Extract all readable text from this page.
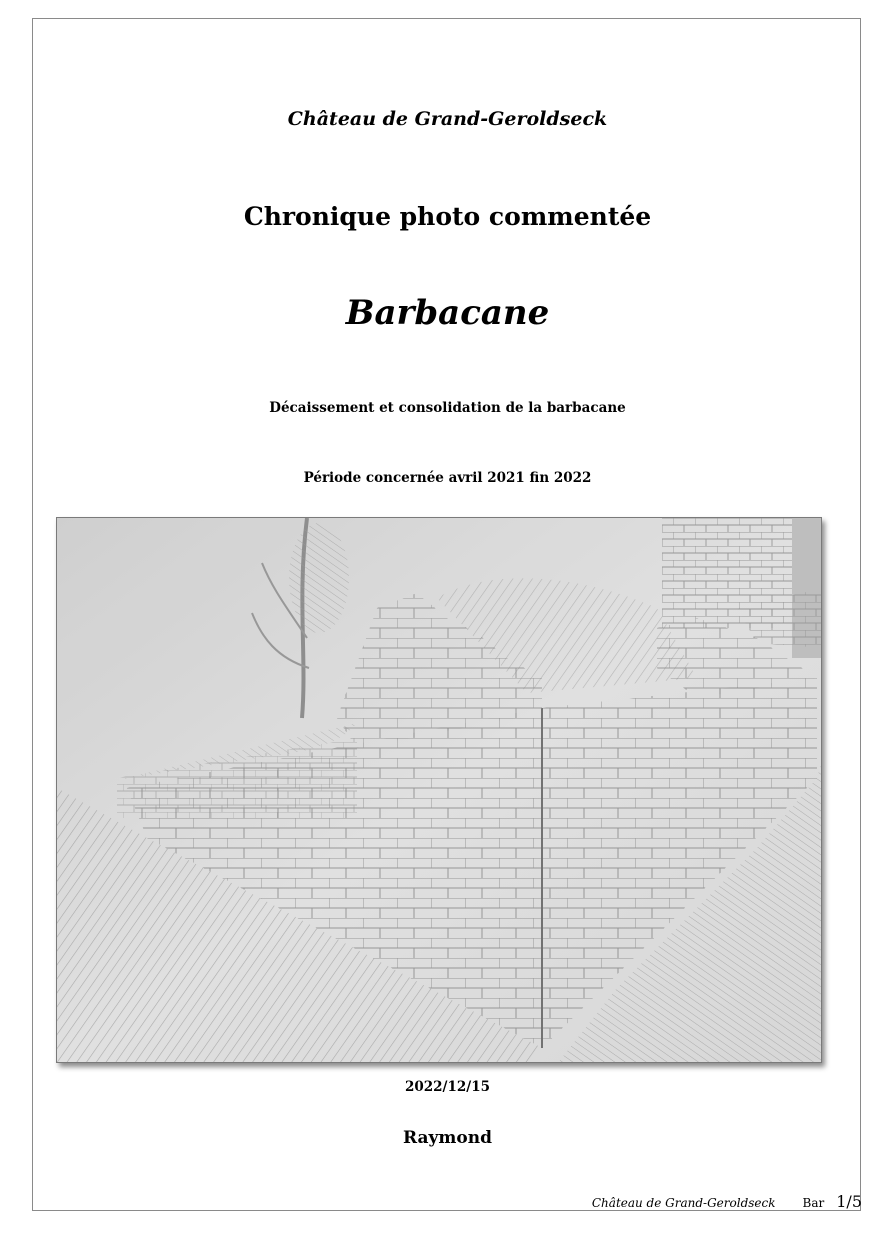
Château de Grand-Geroldseck
Chronique photo commentée
Barbacane
Décaissement et consolidation de la barbacane
Période concernée avril 2021 fin 2022
2022/12/15
Raymond
Château de Grand-Geroldseck Bar 1/5
